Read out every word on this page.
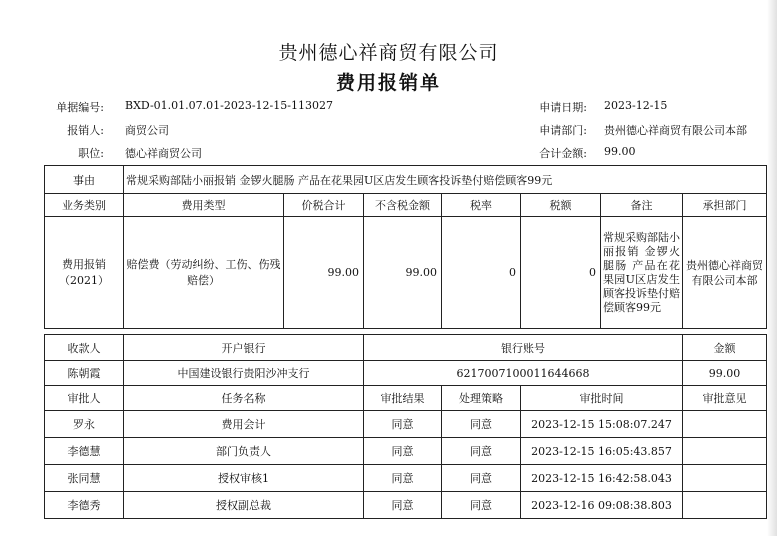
贵州德心祥商贸有限公司
费用报销单
单据编号: BXD-01.01.07.01-2023-12-15-113027	申请日期: 2023-12-15
报销人: 商贸公司	申请部门: 贵州德心祥商贸有限公司本部
职位: 德心祥商贸公司	合计金额: 99.00
事由	常规采购部陆小丽报销 金锣火腿肠 产品在花果园U区店发生顾客投诉垫付赔偿顾客99元						
业务类别	费用类型	价税合计	不含税金额	税率	税额	备注	承担部门
费用报销（2021）	赔偿费（劳动纠纷、工伤、伤残赔偿）	99.00	99.00	0	0	常规采购部陆小丽报销 金锣火腿肠 产品在花果园U区店发生顾客投诉垫付赔偿顾客99元	贵州德心祥商贸有限公司本部
收款人	开户银行	银行账号			金额
陈朝霞	中国建设银行贵阳沙冲支行	6217007100011644668			99.00
审批人	任务名称	审批结果	处理策略	审批时间	审批意见
罗永	费用会计	同意	同意	2023-12-15 15:08:07.247	
李德慧	部门负责人	同意	同意	2023-12-15 16:05:43.857	
张同慧	授权审核1	同意	同意	2023-12-15 16:42:58.043	
李德秀	授权副总裁	同意	同意	2023-12-16 09:08:38.803	
